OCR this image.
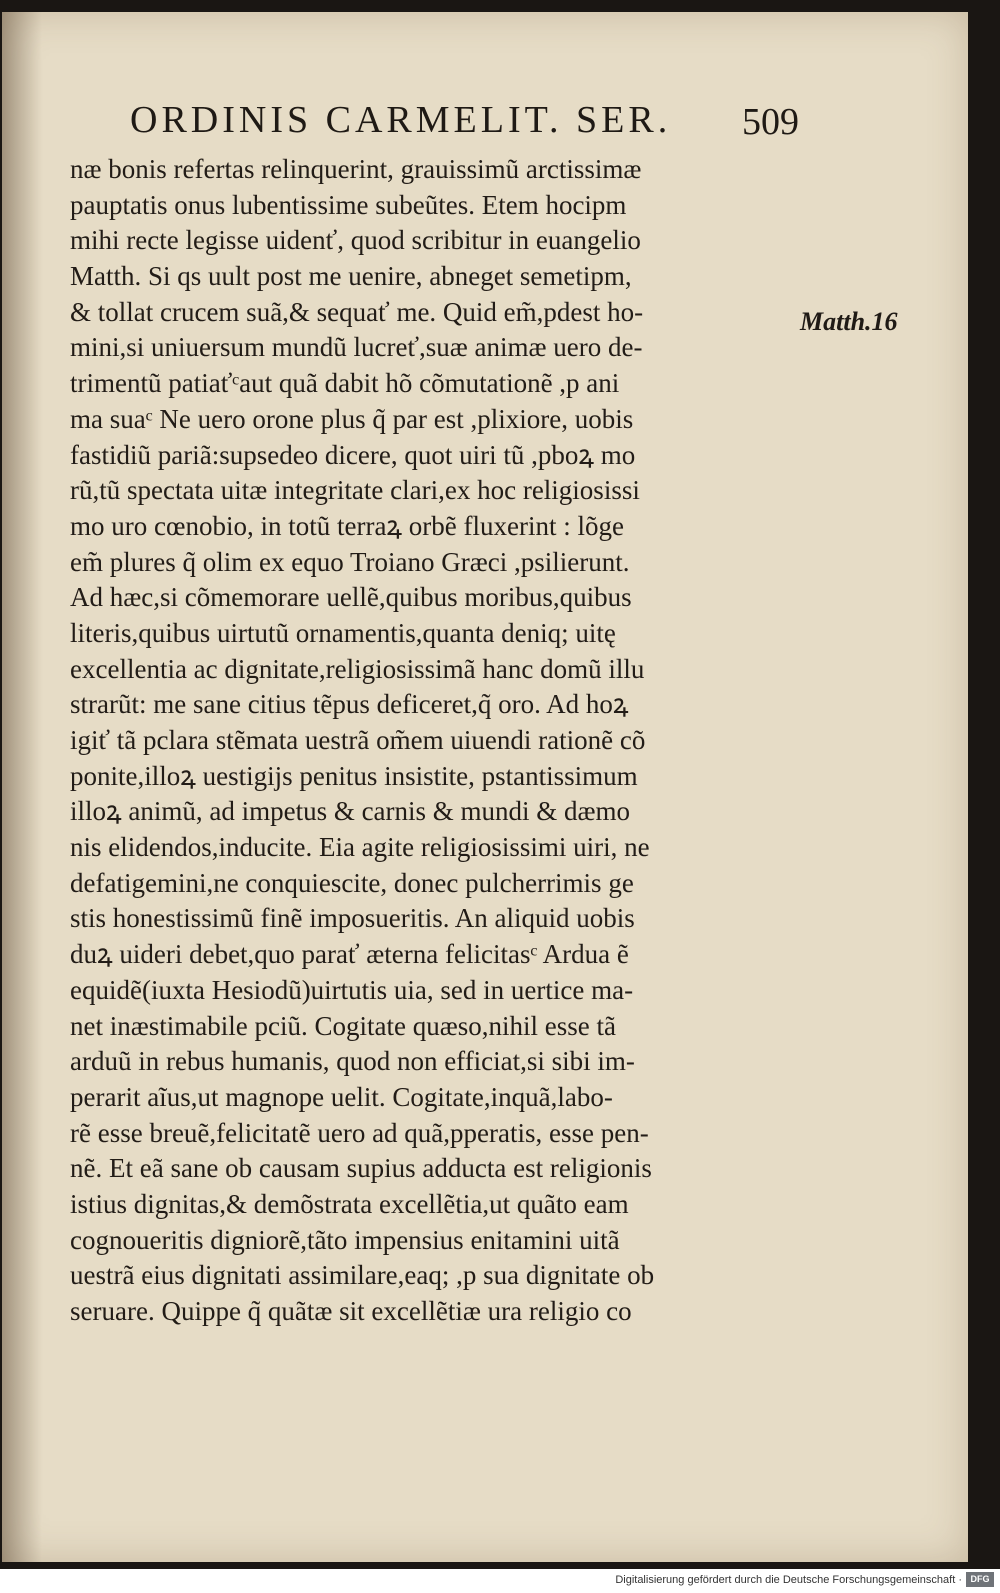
ORDINIS CARMELIT. SER. 509
næ bonis refertas relinquerint, grauissimũ arctissimæ
pauptatis onus lubentissime subeũtes. Etem hocipm
mihi recte legisse uidenť, quod scribitur in euangelio
Matth. Si qs uult post me uenire, abneget semetipm,
& tollat crucem suã,& sequať me. Quid em̃,pdest ho-
mini,si uniuersum mundũ lucreť,suæ animæ uero de-
trimentũ patiaťᶜaut quã dabit hõ cõmutationẽ ,p ani
ma suaᶜ Ne uero orone plus q̃ par est ,plixiore, uobis
fastidiũ pariã:supsedeo dicere, quot uiri tũ ,pboꝝ mo
rũ,tũ spectata uitæ integritate clari,ex hoc religiosissi
mo uro cœnobio, in totũ terraꝝ orbẽ fluxerint : lõge
em̃ plures q̃ olim ex equo Troiano Græci ,psilierunt.
Ad hæc,si cõmemorare uellẽ,quibus moribus,quibus
literis,quibus uirtutũ ornamentis,quanta deniq; uitę
excellentia ac dignitate,religiosissimã hanc domũ illu
strarũt: me sane citius tẽpus deficeret,q̃ oro. Ad hoꝝ
igiť tã pclara stẽmata uestrã om̃em uiuendi rationẽ cõ
ponite,illoꝝ uestigijs penitus insistite, pstantissimum
illoꝝ animũ, ad impetus & carnis & mundi & dæmo
nis elidendos,inducite. Eia agite religiosissimi uiri, ne
defatigemini,ne conquiescite, donec pulcherrimis ge
stis honestissimũ finẽ imposueritis. An aliquid uobis
duꝝ uideri debet,quo parať æterna felicitasᶜ Ardua ẽ
equidẽ(iuxta Hesiodũ)uirtutis uia, sed in uertice ma-
net inæstimabile pciũ. Cogitate quæso,nihil esse tã
arduũ in rebus humanis, quod non efficiat,si sibi im-
perarit aĩus,ut magnope uelit. Cogitate,inquã,labo-
rẽ esse breuẽ,felicitatẽ uero ad quã,pperatis, esse pen-
nẽ. Et eã sane ob causam supius adducta est religionis
istius dignitas,& demõstrata excellẽtia,ut quãto eam
cognoueritis digniorẽ,tãto impensius enitamini uitã
uestrã eius dignitati assimilare,eaq; ,p sua dignitate ob
seruare. Quippe q̃ quãtæ sit excellẽtiæ ura religio co
Matth.16
Digitalisierung gefördert durch die Deutsche Forschungsgemeinschaft · DFG
